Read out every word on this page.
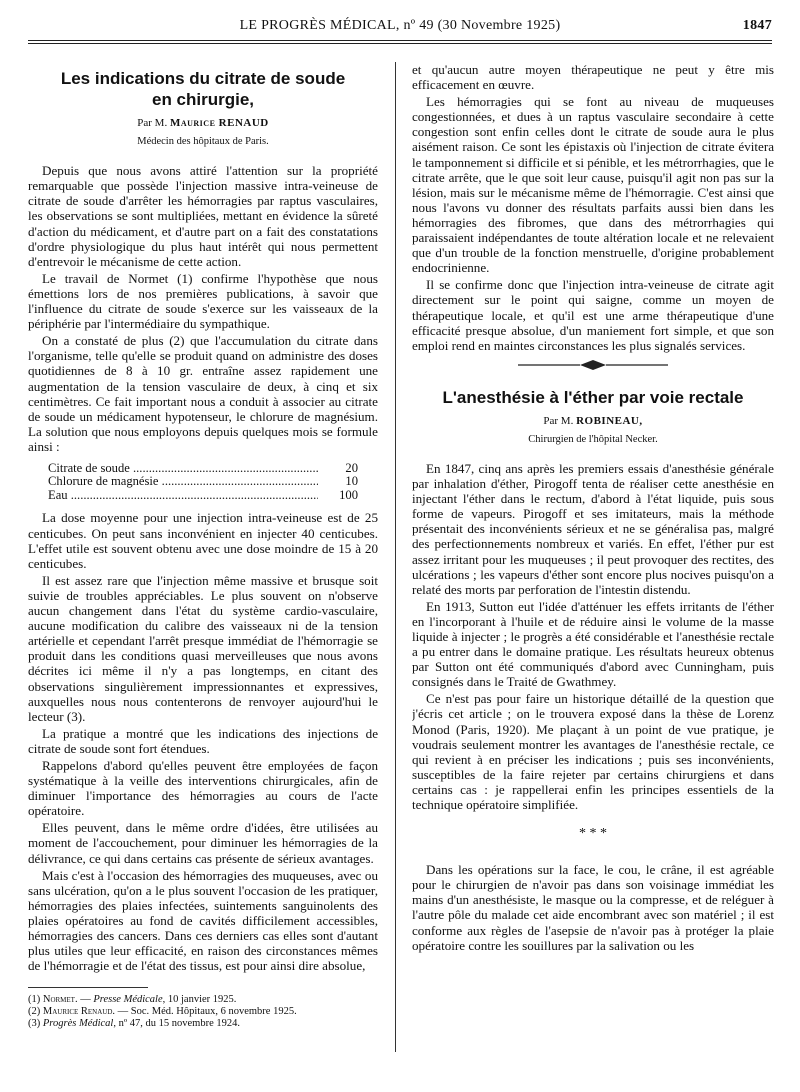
LE PROGRÈS MÉDICAL, nº 49 (30 Novembre 1925)	1847
Les indications du citrate de soude
en chirurgie,
Par M. Maurice RENAUD
Médecin des hôpitaux de Paris.

Depuis que nous avons attiré l'attention sur la propriété remarquable que possède l'injection massive intra-veineuse de citrate de soude d'arrêter les hémorragies par raptus vasculaires, les observations se sont multipliées, mettant en évidence la sûreté d'action du médicament, et d'autre part on a fait des constatations d'ordre physiologique du plus haut intérêt qui nous permettent d'entrevoir le mécanisme de cette action.

Le travail de Normet (1) confirme l'hypothèse que nous émettions lors de nos premières publications, à savoir que l'influence du citrate de soude s'exerce sur les vaisseaux de la périphérie par l'intermédiaire du sympathique.

On a constaté de plus (2) que l'accumulation du citrate dans l'organisme, telle qu'elle se produit quand on administre des doses quotidiennes de 8 à 10 gr. entraîne assez rapidement une augmentation de la tension vasculaire de deux, à cinq et six centimètres. Ce fait important nous a conduit à associer au citrate de soude un médicament hypotenseur, le chlorure de magnésium. La solution que nous employons depuis quelques mois se formule ainsi :

Citrate de soude .....	20
Chlorure de magnésie .....	10
Eau .....	100

La dose moyenne pour une injection intra-veineuse est de 25 centicubes. On peut sans inconvénient en injecter 40 centicubes. L'effet utile est souvent obtenu avec une dose moindre de 15 à 20 centicubes.

Il est assez rare que l'injection même massive et brusque soit suivie de troubles appréciables. Le plus souvent on n'observe aucun changement dans l'état du système cardio-vasculaire, aucune modification du calibre des vaisseaux ni de la tension artérielle et cependant l'arrêt presque immédiat de l'hémorragie se produit dans les conditions quasi merveilleuses que nous avons décrites ici même il n'y a pas longtemps, en citant des observations singulièrement impressionnantes et expressives, auxquelles nous nous contenterons de renvoyer aujourd'hui le lecteur (3).

La pratique a montré que les indications des injections de citrate de soude sont fort étendues.

Rappelons d'abord qu'elles peuvent être employées de façon systématique à la veille des interventions chirurgicales, afin de diminuer l'importance des hémorragies au cours de l'acte opératoire.

Elles peuvent, dans le même ordre d'idées, être utilisées au moment de l'accouchement, pour diminuer les hémorragies de la délivrance, ce qui dans certains cas présente de sérieux avantages.

Mais c'est à l'occasion des hémorragies des muqueuses, avec ou sans ulcération, qu'on a le plus souvent l'occasion de les pratiquer, hémorragies des plaies infectées, suintements sanguinolents des plaies opératoires au fond de cavités difficilement accessibles, hémorragies des cancers. Dans ces derniers cas elles sont d'autant plus utiles que leur efficacité, en raison des circonstances mêmes de l'hémorragie et de l'état des tissus, est pour ainsi dire absolue,

(1) Normet. — Presse Médicale, 10 janvier 1925.

(2) Maurice Renaud. — Soc. Méd. Hôpitaux, 6 novembre 1925.

(3) Progrès Médical, nº 47, du 15 novembre 1924.

et qu'aucun autre moyen thérapeutique ne peut y être mis efficacement en œuvre.

Les hémorragies qui se font au niveau de muqueuses congestionnées, et dues à un raptus vasculaire secondaire à cette congestion sont enfin celles dont le citrate de soude aura le plus aisément raison. Ce sont les épistaxis où l'injection de citrate évitera le tamponnement si difficile et si pénible, et les métrorrhagies, que le citrate arrête, que le que soit leur cause, puisqu'il agit non pas sur la lésion, mais sur le mécanisme même de l'hémorragie. C'est ainsi que nous l'avons vu donner des résultats parfaits aussi bien dans les hémorragies des fibromes, que dans des métrorrhagies qui paraissaient indépendantes de toute altération locale et ne relevaient que d'un trouble de la fonction menstruelle, d'origine probablement endocrinienne.

Il se confirme donc que l'injection intra-veineuse de citrate agit directement sur le point qui saigne, comme un moyen de thérapeutique locale, et qu'il est une arme thérapeutique d'une efficacité presque absolue, d'un maniement fort simple, et que son emploi rend en maintes circonstances les plus signalés services.

L'anesthésie à l'éther par voie rectale
Par M. ROBINEAU,
Chirurgien de l'hôpital Necker.

En 1847, cinq ans après les premiers essais d'anesthésie générale par inhalation d'éther, Pirogoff tenta de réaliser cette anesthésie en injectant l'éther dans le rectum, d'abord à l'état liquide, puis sous forme de vapeurs. Pirogoff et ses imitateurs, mais la méthode présentait des inconvénients sérieux et ne se généralisa pas, malgré des perfectionnements nombreux et variés. En effet, l'éther pur est assez irritant pour les muqueuses ; il peut provoquer des rectites, des ulcérations ; les vapeurs d'éther sont encore plus nocives puisqu'on a relaté des morts par perforation de l'intestin distendu.

En 1913, Sutton eut l'idée d'atténuer les effets irritants de l'éther en l'incorporant à l'huile et de réduire ainsi le volume de la masse liquide à injecter ; le progrès a été considérable et l'anesthésie rectale a pu entrer dans le domaine pratique. Les résultats heureux obtenus par Sutton ont été communiqués d'abord avec Cunningham, puis consignés dans le Traité de Gwathmey.

Ce n'est pas pour faire un historique détaillé de la question que j'écris cet article ; on le trouvera exposé dans la thèse de Lorenz Monod (Paris, 1920). Me plaçant à un point de vue pratique, je voudrais seulement montrer les avantages de l'anesthésie rectale, ce qui revient à en préciser les indications ; puis ses inconvénients, susceptibles de la faire rejeter par certains chirurgiens et dans certains cas : je rappellerai enfin les principes essentiels de la technique opératoire simplifiée.

* * *

Dans les opérations sur la face, le cou, le crâne, il est agréable pour le chirurgien de n'avoir pas dans son voisinage immédiat les mains d'un anesthésiste, le masque ou la compresse, et de reléguer à l'autre pôle du malade cet aide encombrant avec son matériel ; il est conforme aux règles de l'asepsie de n'avoir pas à protéger la plaie opératoire contre les souillures par la salivation ou les
